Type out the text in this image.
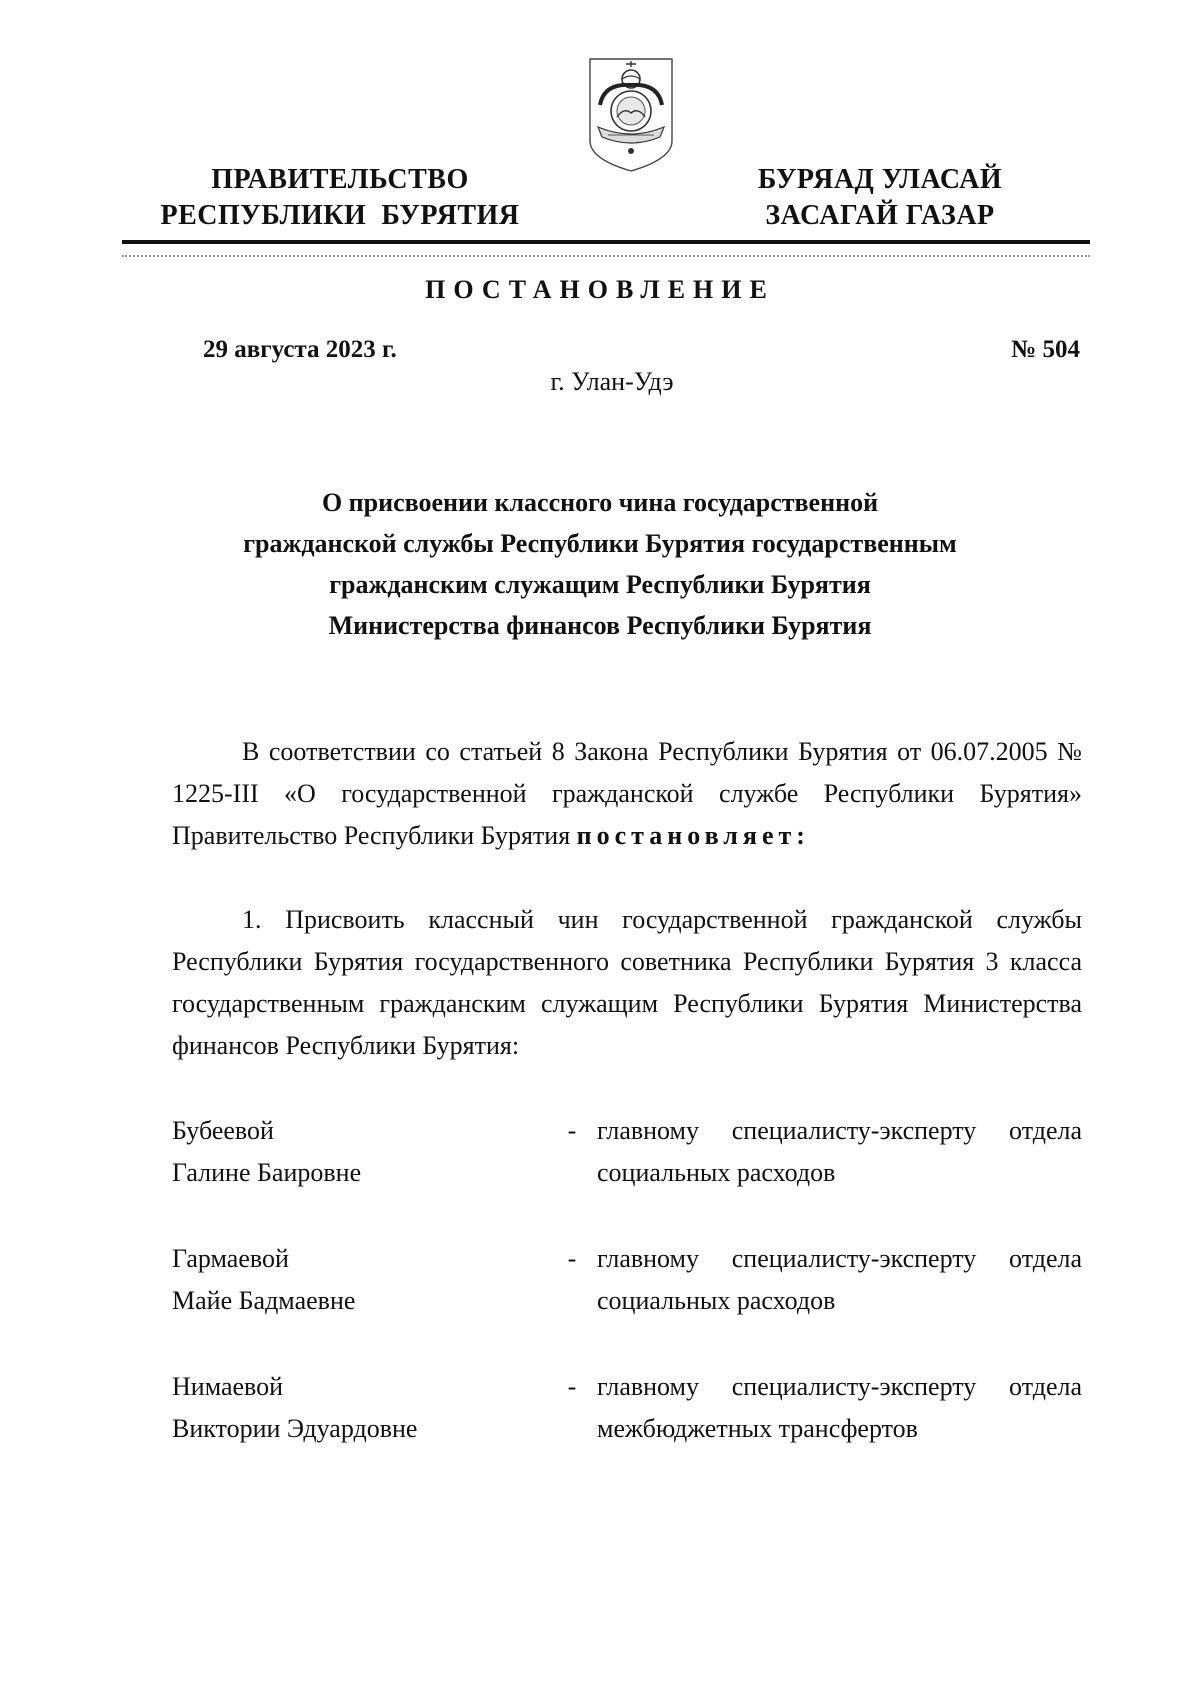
ПРАВИТЕЛЬСТВО
РЕСПУБЛИКИ  БУРЯТИЯ
БУРЯАД УЛАСАЙ
ЗАСАГАЙ ГАЗАР
ПОСТАНОВЛЕНИЕ
29 августа 2023 г.	№ 504
г. Улан-Удэ
О присвоении классного чина государственной
гражданской службы Республики Бурятия государственным
гражданским служащим Республики Бурятия
Министерства финансов Республики Бурятия

В соответствии со статьей 8 Закона Республики Бурятия от 06.07.2005 № 1225-III «О государственной гражданской службе Республики Бурятия» Правительство Республики Бурятия постановляет:

1. Присвоить классный чин государственной гражданской службы Республики Бурятия государственного советника Республики Бурятия 3 класса государственным гражданским служащим Республики Бурятия Министерства финансов Республики Бурятия:

Бубеевой
Галине Баировне
- главному специалисту-эксперту отдела
социальных расходов
Гармаевой
Майе Бадмаевне
- главному специалисту-эксперту отдела
социальных расходов
Нимаевой
Виктории Эдуардовне
- главному специалисту-эксперту отдела
межбюджетных трансфертов
